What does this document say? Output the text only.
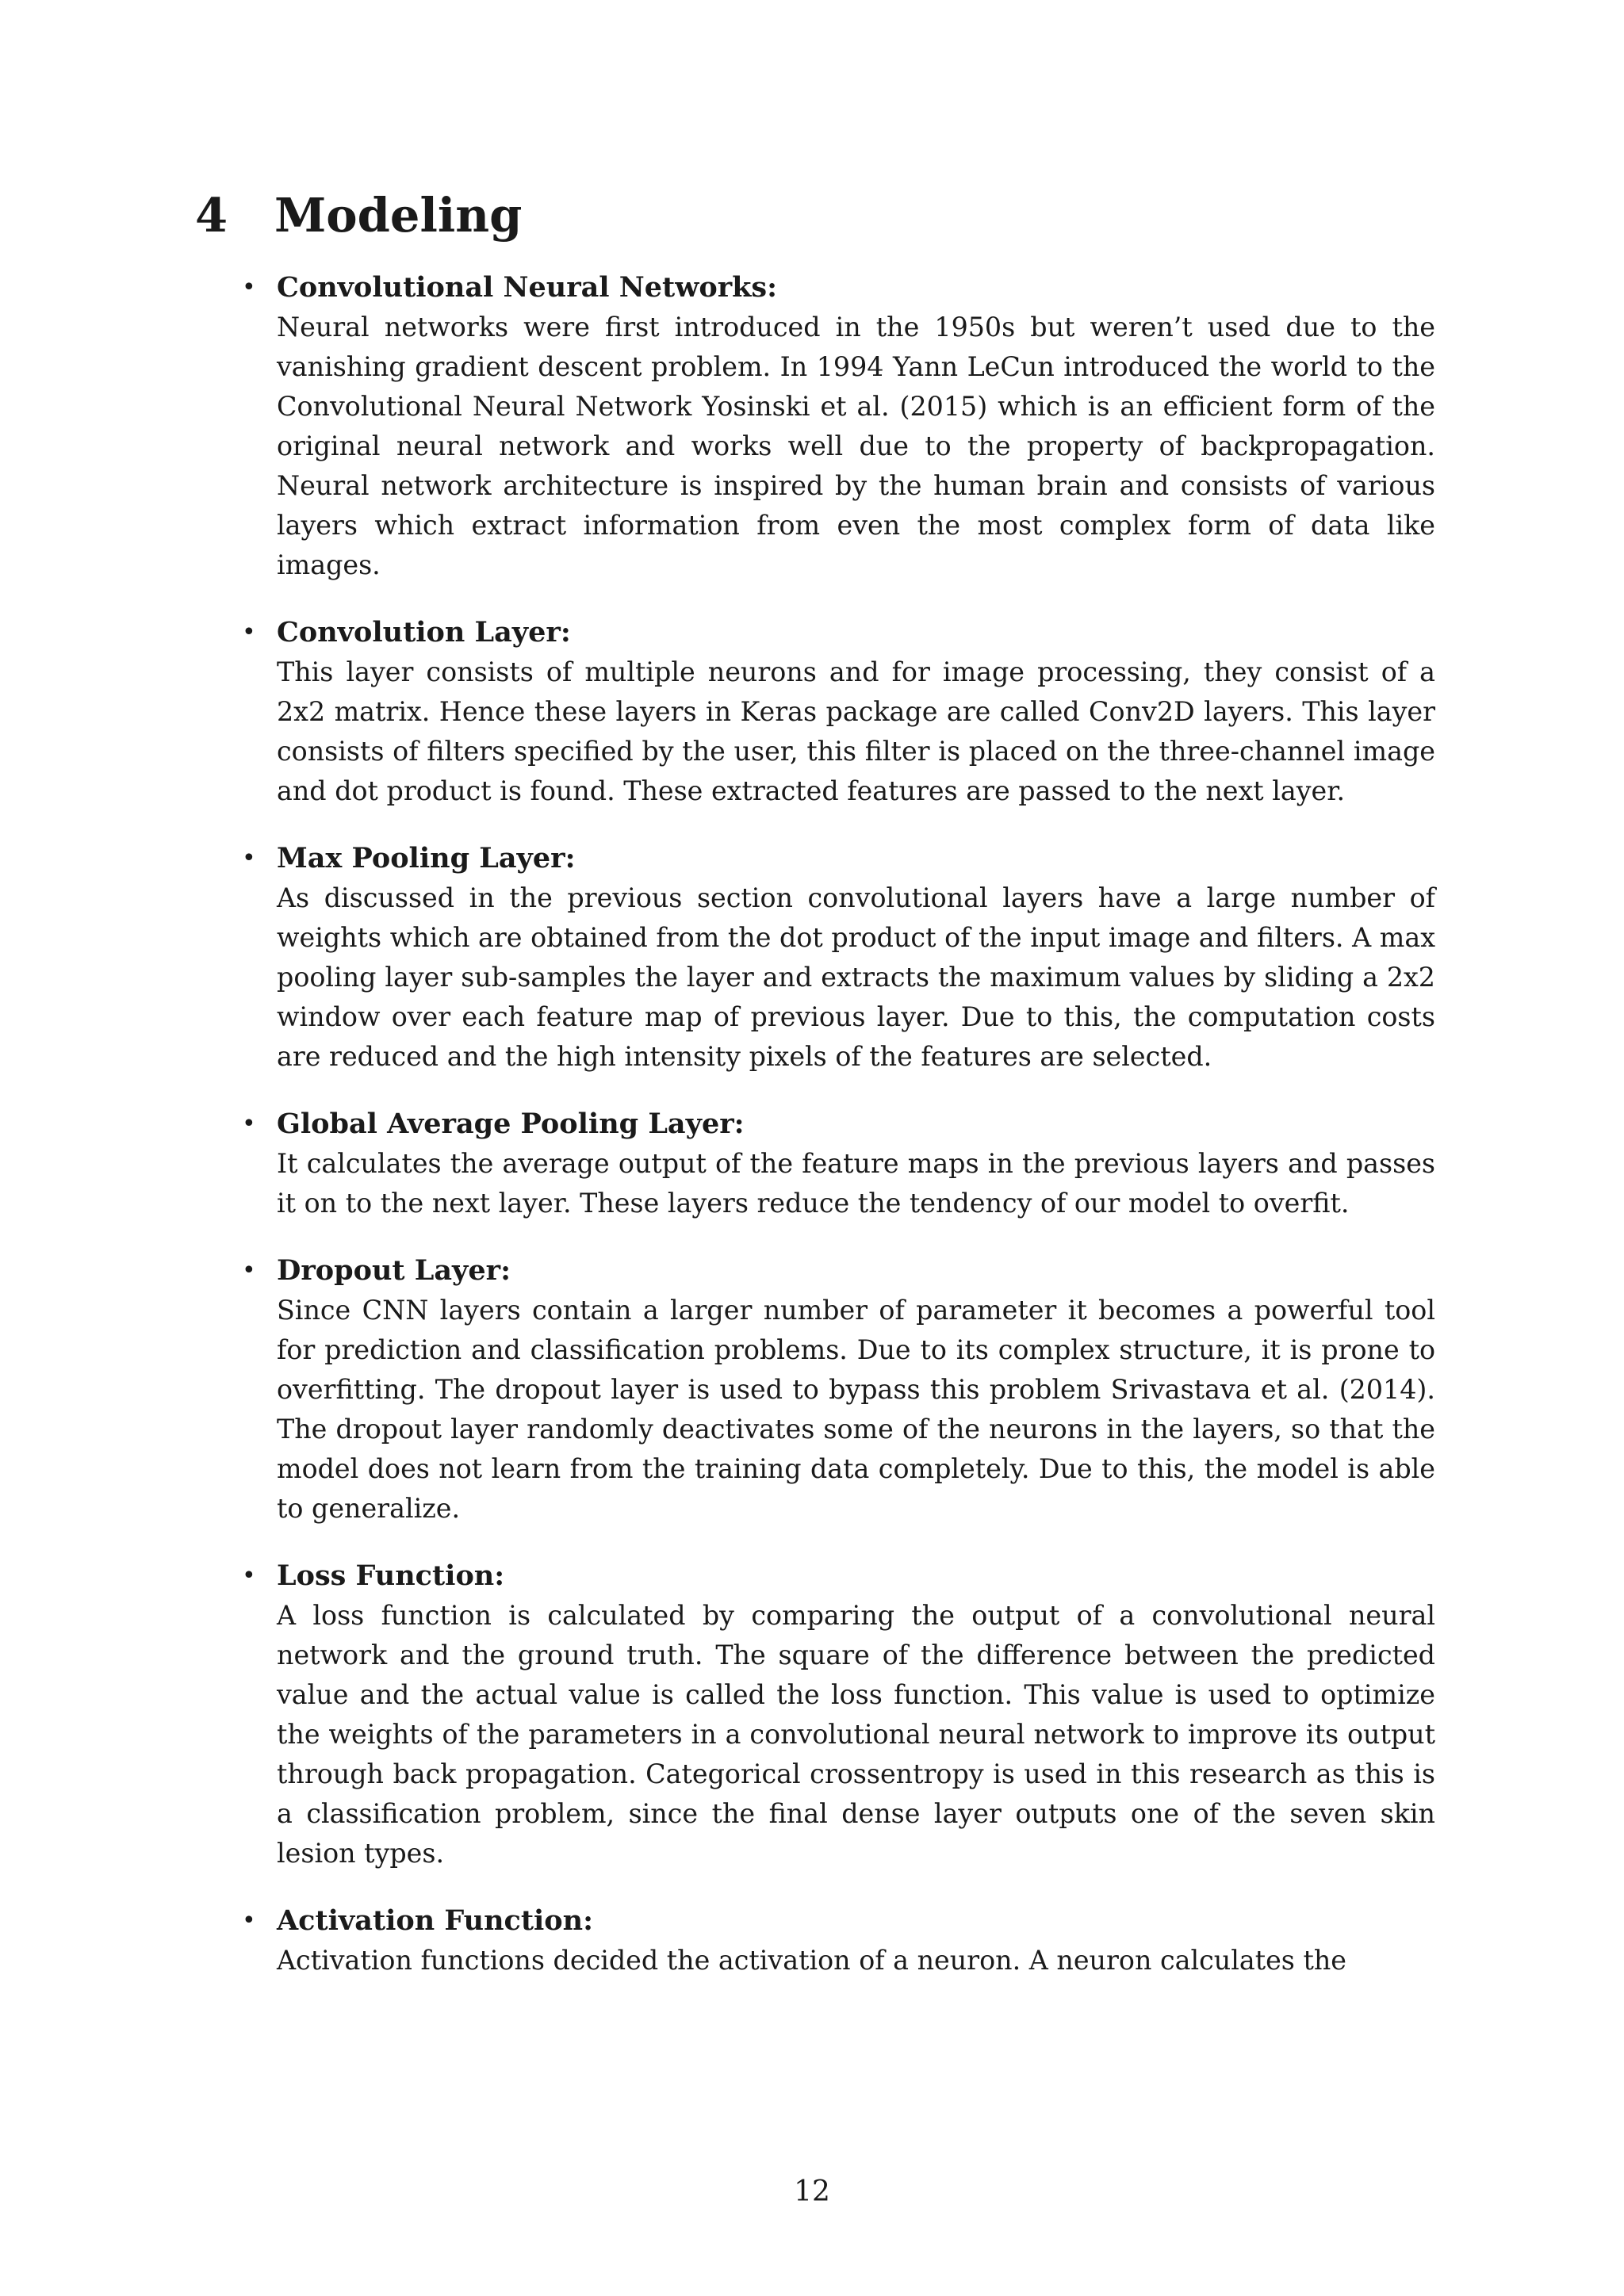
4 Modeling
• Convolutional Neural Networks:

Neural networks were first introduced in the 1950s but weren’t used due to the vanishing gradient descent problem. In 1994 Yann LeCun introduced the world to the Convolutional Neural Network Yosinski et al. (2015) which is an efficient form of the original neural network and works well due to the property of backpropagation. Neural network architecture is inspired by the human brain and consists of various layers which extract information from even the most complex form of data like images.

• Convolution Layer:

This layer consists of multiple neurons and for image processing, they consist of a 2x2 matrix. Hence these layers in Keras package are called Conv2D layers. This layer consists of filters specified by the user, this filter is placed on the three-channel image and dot product is found. These extracted features are passed to the next layer.

• Max Pooling Layer:

As discussed in the previous section convolutional layers have a large number of weights which are obtained from the dot product of the input image and filters. A max pooling layer sub-samples the layer and extracts the maximum values by sliding a 2x2 window over each feature map of previous layer. Due to this, the computation costs are reduced and the high intensity pixels of the features are selected.

• Global Average Pooling Layer:

It calculates the average output of the feature maps in the previous layers and passes it on to the next layer. These layers reduce the tendency of our model to overfit.

• Dropout Layer:

Since CNN layers contain a larger number of parameter it becomes a powerful tool for prediction and classification problems. Due to its complex structure, it is prone to overfitting. The dropout layer is used to bypass this problem Srivastava et al. (2014). The dropout layer randomly deactivates some of the neurons in the layers, so that the model does not learn from the training data completely. Due to this, the model is able to generalize.

• Loss Function:

A loss function is calculated by comparing the output of a convolutional neural network and the ground truth. The square of the difference between the predicted value and the actual value is called the loss function. This value is used to optimize the weights of the parameters in a convolutional neural network to improve its output through back propagation. Categorical crossentropy is used in this research as this is a classification problem, since the final dense layer outputs one of the seven skin lesion types.

• Activation Function:

Activation functions decided the activation of a neuron. A neuron calculates the

12
